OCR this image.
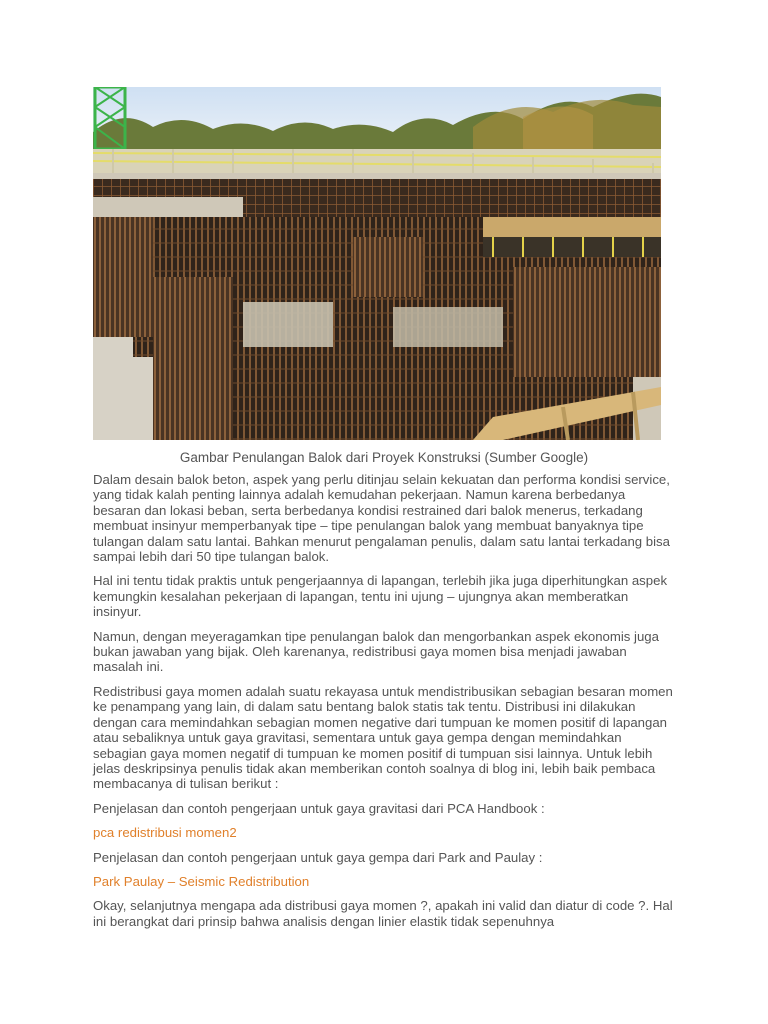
Gambar Penulangan Balok dari Proyek Konstruksi (Sumber Google)

Dalam desain balok beton, aspek yang perlu ditinjau selain kekuatan dan performa kondisi service, yang tidak kalah penting lainnya adalah kemudahan pekerjaan. Namun karena berbedanya besaran dan lokasi beban, serta berbedanya kondisi restrained dari balok menerus, terkadang membuat insinyur memperbanyak tipe – tipe penulangan balok yang membuat banyaknya tipe tulangan dalam satu lantai. Bahkan menurut pengalaman penulis, dalam satu lantai terkadang bisa sampai lebih dari 50 tipe tulangan balok.

Hal ini tentu tidak praktis untuk pengerjaannya di lapangan, terlebih jika juga diperhitungkan aspek kemungkin kesalahan pekerjaan di lapangan, tentu ini ujung – ujungnya akan memberatkan insinyur.

Namun, dengan meyeragamkan tipe penulangan balok dan mengorbankan aspek ekonomis juga bukan jawaban yang bijak. Oleh karenanya, redistribusi gaya momen bisa menjadi jawaban masalah ini.

Redistribusi gaya momen adalah suatu rekayasa untuk mendistribusikan sebagian besaran momen ke penampang yang lain, di dalam satu bentang balok statis tak tentu. Distribusi ini dilakukan dengan cara memindahkan sebagian momen negative dari tumpuan ke momen positif di lapangan atau sebaliknya untuk gaya gravitasi, sementara untuk gaya gempa dengan memindahkan sebagian gaya momen negatif di tumpuan ke momen positif di tumpuan sisi lainnya. Untuk lebih jelas deskripsinya penulis tidak akan memberikan contoh soalnya di blog ini, lebih baik pembaca membacanya di tulisan berikut :

Penjelasan dan contoh pengerjaan untuk gaya gravitasi dari PCA Handbook :

pca redistribusi momen2

Penjelasan dan contoh pengerjaan untuk gaya gempa dari Park and Paulay :

Park Paulay – Seismic Redistribution

Okay, selanjutnya mengapa ada distribusi gaya momen ?, apakah ini valid dan diatur di code ?. Hal ini berangkat dari prinsip bahwa analisis dengan linier elastik tidak sepenuhnya
